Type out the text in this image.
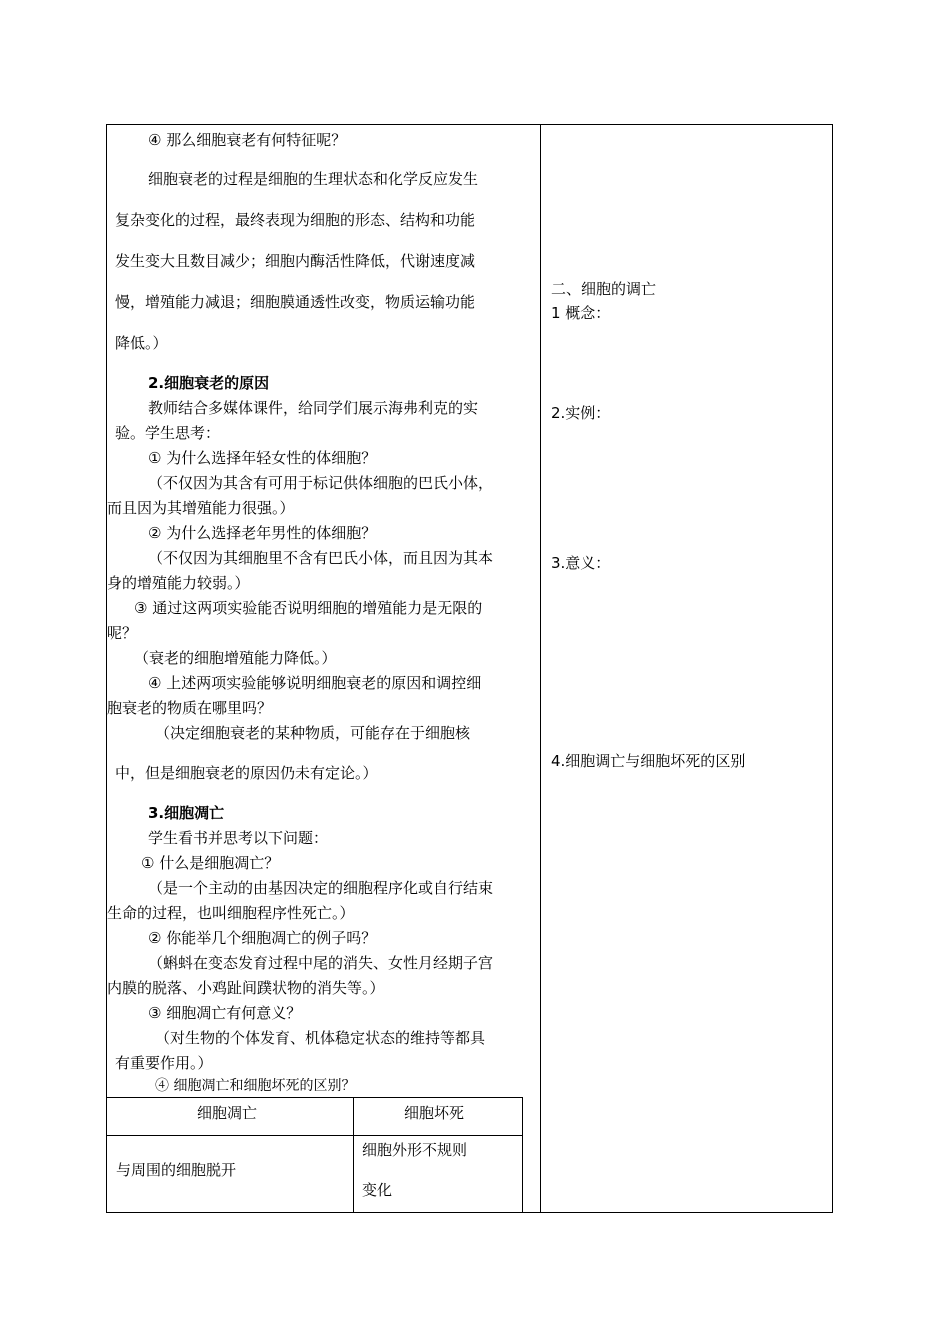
④ 那么细胞衰老有何特征呢？
细胞衰老的过程是细胞的生理状态和化学反应发生
复杂变化的过程，最终表现为细胞的形态、结构和功能
发生变大且数目减少；细胞内酶活性降低，代谢速度减
慢，增殖能力减退；细胞膜通透性改变，物质运输功能
降低。）
2.细胞衰老的原因
教师结合多媒体课件，给同学们展示海弗利克的实
验。学生思考：
① 为什么选择年轻女性的体细胞？
（不仅因为其含有可用于标记供体细胞的巴氏小体，
而且因为其增殖能力很强。）
② 为什么选择老年男性的体细胞？
（不仅因为其细胞里不含有巴氏小体，而且因为其本
身的增殖能力较弱。）
③ 通过这两项实验能否说明细胞的增殖能力是无限的
呢？
（衰老的细胞增殖能力降低。）
④ 上述两项实验能够说明细胞衰老的原因和调控细
胞衰老的物质在哪里吗？
（决定细胞衰老的某种物质，可能存在于细胞核
中，但是细胞衰老的原因仍未有定论。）
3.细胞凋亡
学生看书并思考以下问题：
① 什么是细胞凋亡？
（是一个主动的由基因决定的细胞程序化或自行结束
生命的过程，也叫细胞程序性死亡。）
② 你能举几个细胞凋亡的例子吗？
（蝌蚪在变态发育过程中尾的消失、女性月经期子宫
内膜的脱落、小鸡趾间蹼状物的消失等。）
③ 细胞凋亡有何意义？
（对生物的个体发育、机体稳定状态的维持等都具
有重要作用。）
④ 细胞凋亡和细胞坏死的区别？
细胞凋亡	细胞坏死
与周围的细胞脱开
细胞外形不规则
变化
二、细胞的调亡
1 概念：
2.实例：
3.意义：
4.细胞调亡与细胞坏死的区别
